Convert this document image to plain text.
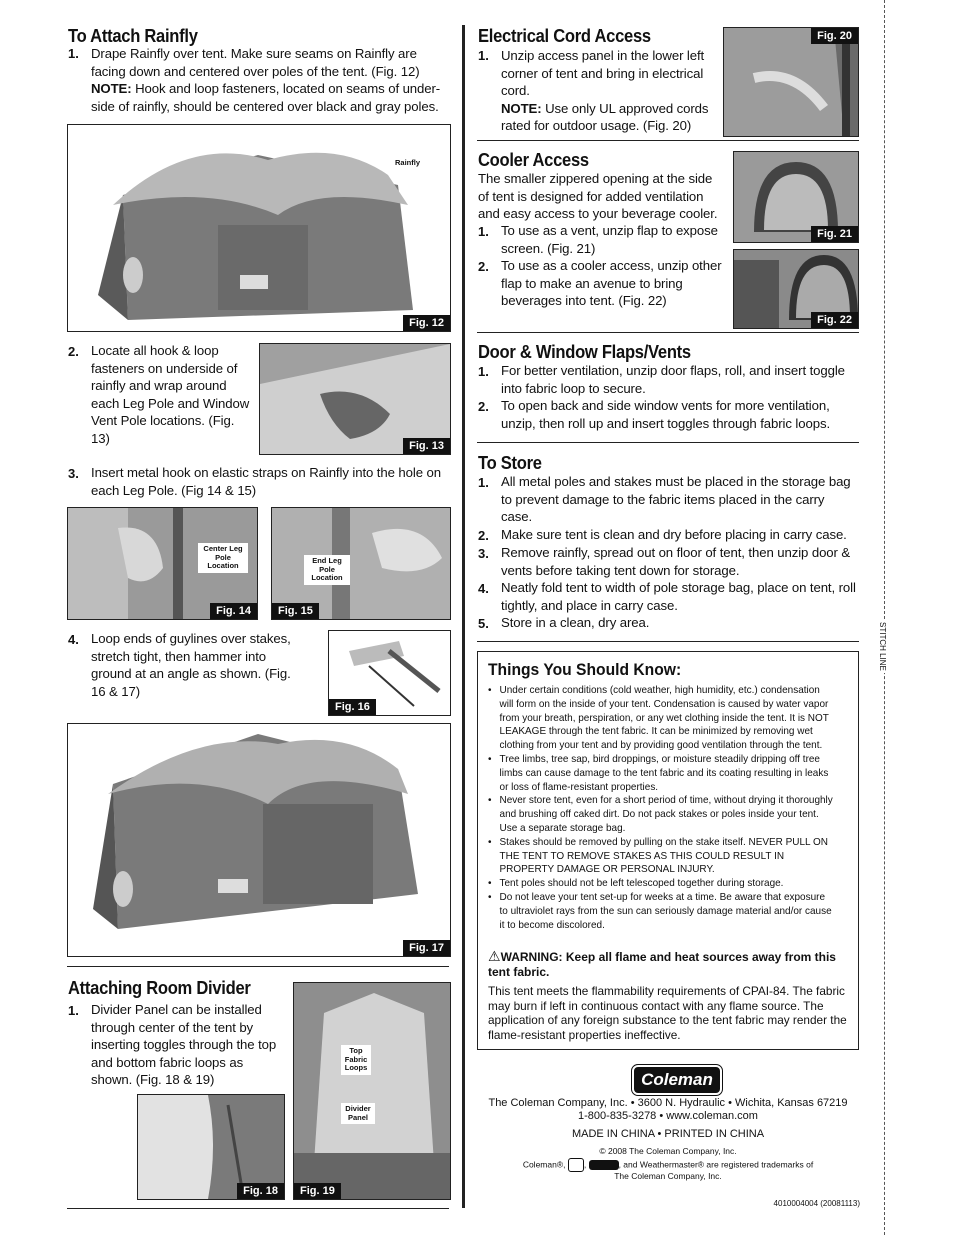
To Attach Rainfly
1. Drape Rainfly over tent. Make sure seams on Rainfly are facing down and centered over poles of the tent. (Fig. 12)
NOTE: Hook and loop fasteners, located on seams of under-side of rainfly, should be centered over black and gray poles.

Rainfly
Fig. 12
2. Locate all hook & loop fasteners on underside of rainfly and wrap around each Leg Pole and Window Vent Pole locations. (Fig. 13)

Fig. 13
3. Insert metal hook on elastic straps on Rainfly into the hole on each Leg Pole. (Fig 14 & 15)

Center Leg Pole Location
Fig. 14
End Leg Pole Location
Fig. 15
4. Loop ends of guylines over stakes, stretch tight, then hammer into ground at an angle as shown. (Fig. 16 & 17)

Fig. 16
Fig. 17
Attaching Room Divider
1. Divider Panel can be installed through center of the tent by inserting toggles through the top and bottom fabric loops as shown. (Fig. 18 & 19)

Fig. 18
Top Fabric Loops
Divider Panel
Fig. 19
Electrical Cord Access
1. Unzip access panel in the lower left corner of tent and bring in electrical cord.
NOTE: Use only UL approved cords rated for outdoor usage. (Fig. 20)

Fig. 20
Cooler Access

The smaller zippered opening at the side of tent is designed for added ventilation and easy access to your beverage cooler.

1. To use as a vent, unzip flap to expose screen. (Fig. 21)

2. To use as a cooler access, unzip other flap to make an avenue to bring beverages into tent. (Fig. 22)

Fig. 21
Fig. 22
Door & Window Flaps/Vents
1. For better ventilation, unzip door flaps, roll, and insert toggle into fabric loop to secure.

2. To open back and side window vents for more ventilation, unzip, then roll up and insert toggles through fabric loops.

To Store
1. All metal poles and stakes must be placed in the storage bag to prevent damage to the fabric items placed in the carry case.

2. Make sure tent is clean and dry before placing in carry case.

3. Remove rainfly, spread out on floor of tent, then unzip door & vents before taking tent down for storage.

4. Neatly fold tent to width of pole storage bag, place on tent, roll tightly, and place in carry case.

5. Store in a clean, dry area.

Things You Should Know:
• Under certain conditions (cold weather, high humidity, etc.) condensation will form on the inside of your tent. Condensation is caused by water vapor from your breath, perspiration, or any wet clothing inside the tent. It is NOT LEAKAGE through the tent fabric. It can be minimized by removing wet clothing from your tent and by providing good ventilation through the tent.
• Tree limbs, tree sap, bird droppings, or moisture steadily dripping off tree limbs can cause damage to the tent fabric and its coating resulting in leaks or loss of flame-resistant properties.
• Never store tent, even for a short period of time, without drying it thoroughly and brushing off caked dirt. Do not pack stakes or poles inside your tent. Use a separate storage bag.
• Stakes should be removed by pulling on the stake itself. NEVER PULL ON THE TENT TO REMOVE STAKES AS THIS COULD RESULT IN PROPERTY DAMAGE OR PERSONAL INJURY.
• Tent poles should not be left telescoped together during storage.
• Do not leave your tent set-up for weeks at a time. Be aware that exposure to ultraviolet rays from the sun can seriously damage material and/or cause it to become discolored.
⚠WARNING: Keep all flame and heat sources away from this tent fabric.

This tent meets the flammability requirements of CPAI-84. The fabric may burn if left in continuous contact with any flame source. The application of any foreign substance to the tent fabric may render the flame-resistant properties ineffective.

Coleman
The Coleman Company, Inc. • 3600 N. Hydraulic • Wichita, Kansas 67219
1-800-835-3278 • www.coleman.com
MADE IN CHINA • PRINTED IN CHINA
© 2008 The Coleman Company, Inc.
Coleman®, ,	, and Weathermaster® are registered trademarks of
The Coleman Company, Inc.
4010004004 (20081113)
STITCH LINE
